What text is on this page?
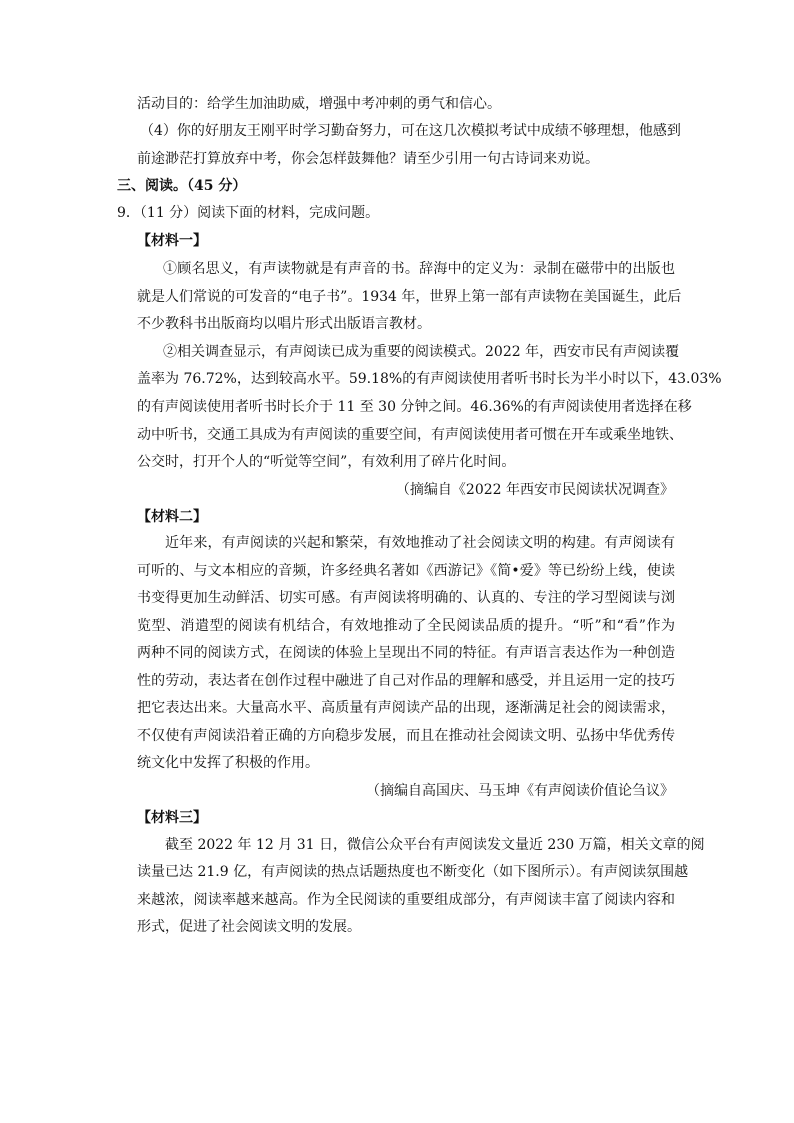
活动目的：给学生加油助威，增强中考冲刺的勇气和信心。
（4）你的好朋友王刚平时学习勤奋努力，可在这几次模拟考试中成绩不够理想，他感到
前途渺茫打算放弃中考，你会怎样鼓舞他？请至少引用一句古诗词来劝说。
三、阅读。（45 分）
9．（11 分）阅读下面的材料，完成问题。
【材料一】
①顾名思义，有声读物就是有声音的书。辞海中的定义为：录制在磁带中的出版也
就是人们常说的可发音的“电子书”。1934 年，世界上第一部有声读物在美国诞生，此后
不少教科书出版商均以唱片形式出版语言教材。
②相关调查显示，有声阅读已成为重要的阅读模式。2022 年，西安市民有声阅读覆
盖率为 76.72%，达到较高水平。59.18%的有声阅读使用者听书时长为半小时以下，43.03%
的有声阅读使用者听书时长介于 11 至 30 分钟之间。46.36%的有声阅读使用者选择在移
动中听书，交通工具成为有声阅读的重要空间，有声阅读使用者可惯在开车或乘坐地铁、
公交时，打开个人的“听觉等空间”，有效利用了碎片化时间。
（摘编自《2022 年西安市民阅读状况调查》
【材料二】
近年来，有声阅读的兴起和繁荣，有效地推动了社会阅读文明的构建。有声阅读有
可听的、与文本相应的音频，许多经典名著如《西游记》《简•爱》等已纷纷上线，使读
书变得更加生动鲜活、切实可感。有声阅读将明确的、认真的、专注的学习型阅读与浏
览型、消遣型的阅读有机结合，有效地推动了全民阅读品质的提升。“听”和“看”作为
两种不同的阅读方式，在阅读的体验上呈现出不同的特征。有声语言表达作为一种创造
性的劳动，表达者在创作过程中融进了自己对作品的理解和感受，并且运用一定的技巧
把它表达出来。大量高水平、高质量有声阅读产品的出现，逐渐满足社会的阅读需求，
不仅使有声阅读沿着正确的方向稳步发展，而且在推动社会阅读文明、弘扬中华优秀传
统文化中发挥了积极的作用。
（摘编自高国庆、马玉坤《有声阅读价值论刍议》
【材料三】
截至 2022 年 12 月 31 日，微信公众平台有声阅读发文量近 230 万篇，相关文章的阅
读量已达 21.9 亿，有声阅读的热点话题热度也不断变化（如下图所示）。有声阅读氛围越
来越浓，阅读率越来越高。作为全民阅读的重要组成部分，有声阅读丰富了阅读内容和
形式，促进了社会阅读文明的发展。
